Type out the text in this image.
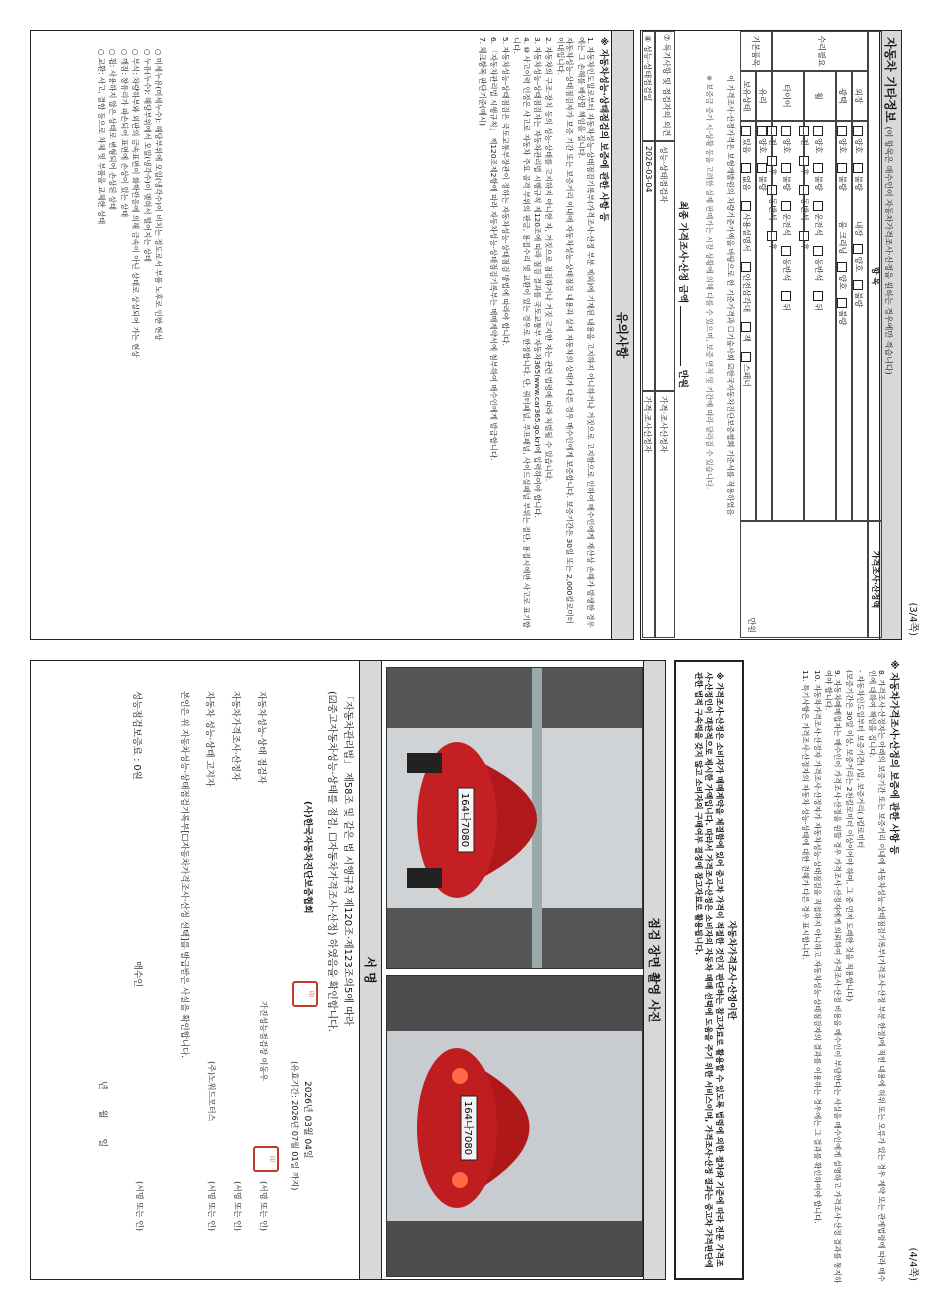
(3/4쪽)
자동차 기타정보 (이 항목은 매수인이 자동차가격조사·산정을 원하는 경우에만 적습니다)
항 목
가격조사·산정액
수리필요
기본품목
외장
양호불량내장양호불량
광택
양호불량룸 크리닝양호불량
휠
양호불량운전석동반석뒤
전후동반석후
타이어
양호불량운전석동반석뒤
전후동반석후
유리
양호불량
보유상태
있음없음사용설명서안전삼각대잭스패너
만원
이 가격조사·산정가격은 보험개발원의 차량기준가액을 바탕으로 한 기준가격과 ☐기술사회 ☑한국자동차진단보증협회 기준서를 적용하였음
※ 보증금 증가 시·상황 등을 고려한 실제 판매가는 시장 상황에 의해 다를 수 있으며, 보증 면적 및 기간에 따라 달라질 수 있습니다.
최종 가격조사·산정 금액  만원
⑦ 특기사항 및 점검자의 의견
성능·상태점검자
가격·조사산정자
⑧ 성능·상태점검일
2026-03-04
가격·조사산정자
유의사항
※ 자동차성능·상태점검의 보증에 관한 사항 등

1. 자동차인도일로부터 자동차성능·상태점검기록부(가격조사·산정 부분 제외)에 기재된 내용을 고지하지 아니하거나 거짓으로 고지함으로 인하여 매수인에게 재산상 손해가 발생한 경우에는 그 손해를 배상할 책임을 집니다.

자동차성능·상태점검자가 보증 기간 또는 보증거리 이내에 자동차성능·상태점검 내용과 실제 자동차의 상태가 다른 경우 매수인에게 보증합니다. 보증기간은 30일 또는 2,000킬로미터 이내입니다.

2. 자동차의 구조·장치 등의 성능·상태를 고지하지 아니한 자, 거짓으로 점검하거나 거짓 고지한 자는 관련 법령에 따라 처벌될 수 있습니다.

3. 자동차성능·상태점검자는 자동차관리법 시행규칙 제120조에 따라 점검 결과를 국토교통부 자동차365(www.car365.go.kr)에 입력하여야 합니다.

4. ⑩ 사고이력 인정은 사고로 자동차 주요 골격 부위의 판금, 용접수리 및 교환이 있는 경우로 한정합니다. 단, 쿼터패널, 루프패널, 사이드실패널 부위는 절단, 용접시에만 사고로 표기합니다.

5. 자동차성능·상태점검은 국토교통부장관이 정하는 자동차성능·상태점검 방법에 따라야 합니다.

6. 「자동차관리법 시행규칙」 제120조제2항에 따라 자동차성능·상태점검기록부는 매매계약서에 첨부하여 매수인에게 발급합니다.

7. 체크항목 판단기준(예시)

○ 미세누유(미세누수): 해당부위에 오일(냉각수)이 비치는 정도로서 부품 노후로 인한 현상

○ 누유(누수): 해당부위에서 오일(냉각수)이 맺혀서 떨어지는 상태

○ 부식: 차량하부와 외판의 금속표면이 화학반응에 의해 금속이 아닌 상태로 상실되어 가는 현상

○ 깨짐: 창유리가 파손되어 표면에 손상이 있는 상태

○ 휨: 사용하지 않은 상태로 변형되어 손상된 상태

○ 교환: 사고, 결함 등으로 차체 및 부품을 교체한 상태

(4/4쪽)
※ 자동차가격조사·산정의 보증에 관한 사항 등

8. 가격조사·산정자는 아래의 보증기간 또는 보증거리 이내에 자동차성능·상태점검기록부(가격조사·산정 부분 한정)에 적힌 내용에 허위 또는 오류가 있는 경우 계약 또는 관계법령에 따라 매수인에 대하여 책임을 집니다.

- 자동차인도일부터 보증기간( )일, 보증거리( )킬로미터

(보증기간은 30일 이상, 보증거리는 2천킬로미터 이상이어야 하며, 그 중 먼저 도래한 것을 적용합니다)

9. 자동차매매업자는 매수인이 가격조사·산정을 원할 경우 가격조사·산정자에게 의뢰하여 가격조사·산정 비용을 매수인이 부담한다는 사실을 매수인에게 설명하고 가격조사·산정 결과를 통지하여야 합니다.

10. 자동차가격조사·산정자 가격조사·산정자가 자동차성능·상태점검을 직접하지 아니하고 자동차성능·상태점검자의 결과를 이용하는 경우에는 그 결과를 확인하여야 합니다.

11. 특기사항은 가격조사·산정자의 자동차 성능·상태에 대한 견해가 다른 경우 표시합니다.

자동차가격조사·산정이란
※ 가격조사·산정은 소비자가 매매계약을 체결함에 있어 중고차 가격이 적절한 것인지 판단하는 참고자료로 활용할 수 있도록 법령에 의한 절차와 기준에 따라 전문 가격조사·산정인이 객관적으로 제시한 가액입니다. 따라서 가격조사·산정은 소비자의 자동차 매매 선택에 도움을 주기 위한 서비스이며, 가격조사·산정 결과는 중고차 가격판단에 관한 법적 구속력을 갖지 않고 소비자의 구매여부 결정에 참고자료로 활용됩니다.
점검 장면 촬영 사진
164나7080
164나7080
서 명
「자동차관리법」 제58조 및 같은 법 시행규칙 제120조·제123조의5에 따라
(☑중고자동차성능·상태를 점검, ☐자동차가격조사·산정) 하였음을 확인합니다.
2026년 03월 04일
(유효기간: 2026년 07월 01일 까지)
(사)한국자동차진단보증협회
印
자동차성능·상태 점검자
가진성능점검장 이동우
(서명 또는 인)
印
자동차가격조사·산정자
(서명 또는 인)
자동차 성능·상태 고지자
(주)노워드모터스
(서명 또는 인)
본인은 위 자동차성능·상태점검기록부[☐자동차가격조사·산정 선택]를 발급받은 사실을 확인합니다.
성능점검보증료 : 0원
매수인
(서명 또는 인)
년       월       일
